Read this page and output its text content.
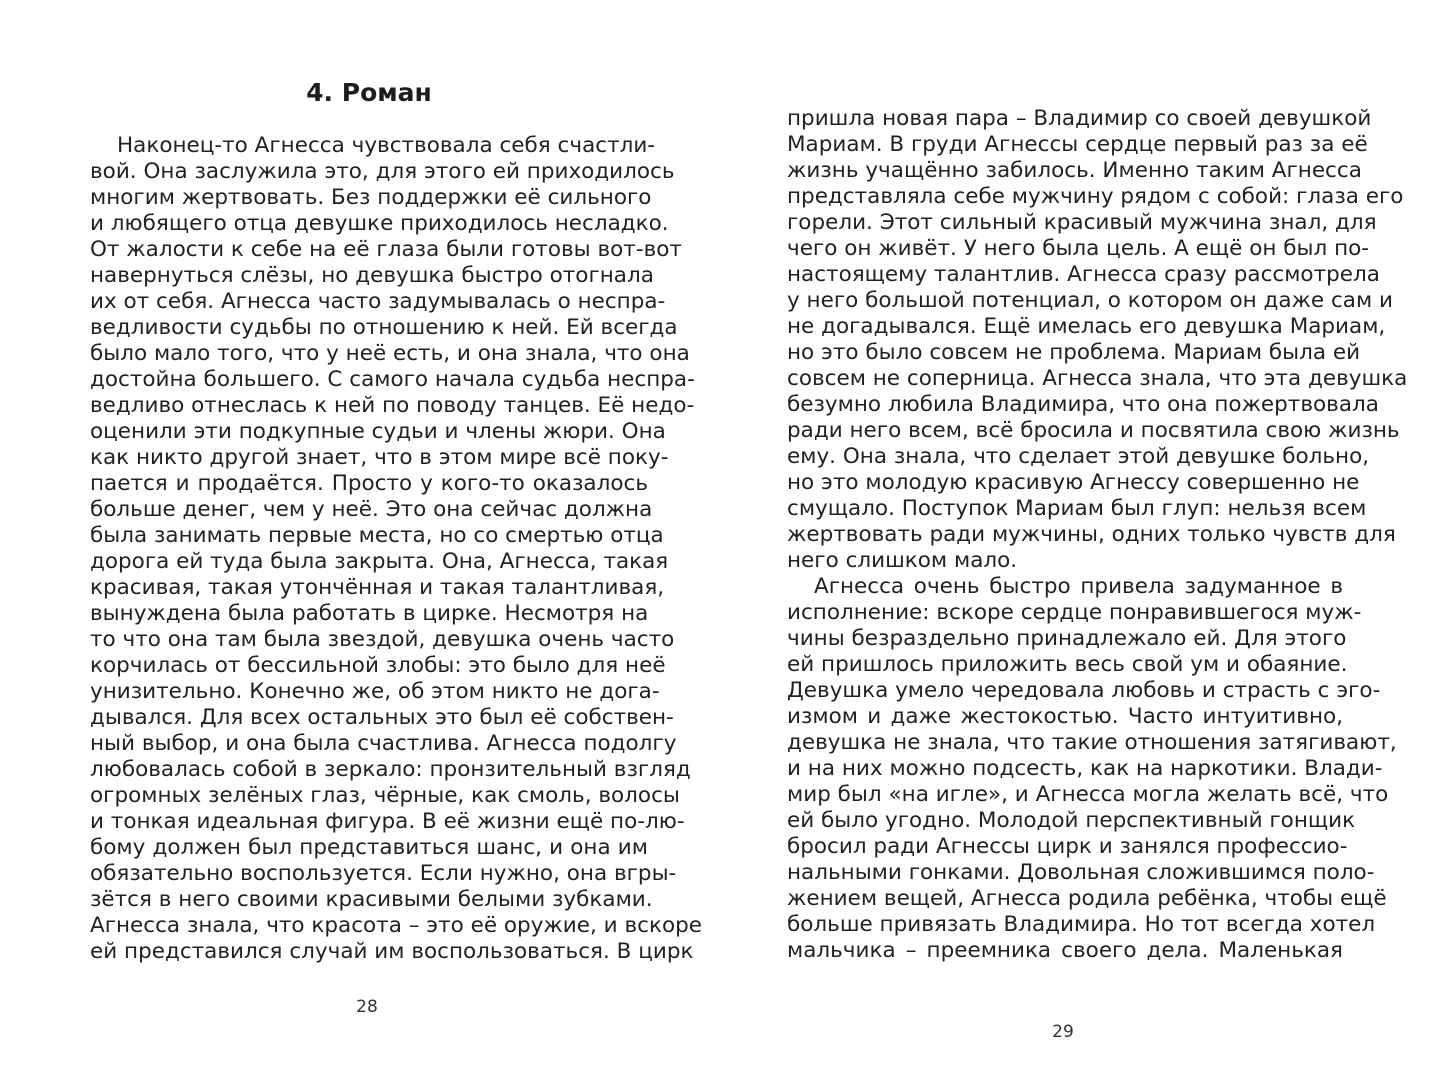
4. Роман
Наконец-то Агнесса чувствовала себя счастли-
вой. Она заслужила это, для этого ей приходилось
многим жертвовать. Без поддержки её сильного
и любящего отца девушке приходилось несладко.
От жалости к себе на её глаза были готовы вот-вот
навернуться слёзы, но девушка быстро отогнала
их от себя. Агнесса часто задумывалась о неспра-
ведливости судьбы по отношению к ней. Ей всегда
было мало того, что у неё есть, и она знала, что она
достойна большего. С самого начала судьба неспра-
ведливо отнеслась к ней по поводу танцев. Её недо-
оценили эти подкупные судьи и члены жюри. Она
как никто другой знает, что в этом мире всё поку-
пается и продаётся. Просто у кого-то оказалось
больше денег, чем у неё. Это она сейчас должна
была занимать первые места, но со смертью отца
дорога ей туда была закрыта. Она, Агнесса, такая
красивая, такая утончённая и такая талантливая,
вынуждена была работать в цирке. Несмотря на
то что она там была звездой, девушка очень часто
корчилась от бессильной злобы: это было для неё
унизительно. Конечно же, об этом никто не дога-
дывался. Для всех остальных это был её собствен-
ный выбор, и она была счастлива. Агнесса подолгу
любовалась собой в зеркало: пронзительный взгляд
огромных зелёных глаз, чёрные, как смоль, волосы
и тонкая идеальная фигура. В её жизни ещё по-лю-
бому должен был представиться шанс, и она им
обязательно воспользуется. Если нужно, она вгры-
зётся в него своими красивыми белыми зубками.
Агнесса знала, что красота – это её оружие, и вскоре
ей представился случай им воспользоваться. В цирк
28
пришла новая пара – Владимир со своей девушкой
Мариам. В груди Агнессы сердце первый раз за её
жизнь учащённо забилось. Именно таким Агнесса
представляла себе мужчину рядом с собой: глаза его
горели. Этот сильный красивый мужчина знал, для
чего он живёт. У него была цель. А ещё он был по-
настоящему талантлив. Агнесса сразу рассмотрела
у него большой потенциал, о котором он даже сам и
не догадывался. Ещё имелась его девушка Мариам,
но это было совсем не проблема. Мариам была ей
совсем не соперница. Агнесса знала, что эта девушка
безумно любила Владимира, что она пожертвовала
ради него всем, всё бросила и посвятила свою жизнь
ему. Она знала, что сделает этой девушке больно,
но это молодую красивую Агнессу совершенно не
смущало. Поступок Мариам был глуп: нельзя всем
жертвовать ради мужчины, одних только чувств для
него слишком мало.
Агнесса очень быстро привела задуманное в
исполнение: вскоре сердце понравившегося муж-
чины безраздельно принадлежало ей. Для этого
ей пришлось приложить весь свой ум и обаяние.
Девушка умело чередовала любовь и страсть с эго-
измом и даже жестокостью. Часто интуитивно,
девушка не знала, что такие отношения затягивают,
и на них можно подсесть, как на наркотики. Влади-
мир был «на игле», и Агнесса могла желать всё, что
ей было угодно. Молодой перспективный гонщик
бросил ради Агнессы цирк и занялся профессио-
нальными гонками. Довольная сложившимся поло-
жением вещей, Агнесса родила ребёнка, чтобы ещё
больше привязать Владимира. Но тот всегда хотел
мальчика – преемника своего дела. Маленькая
29
